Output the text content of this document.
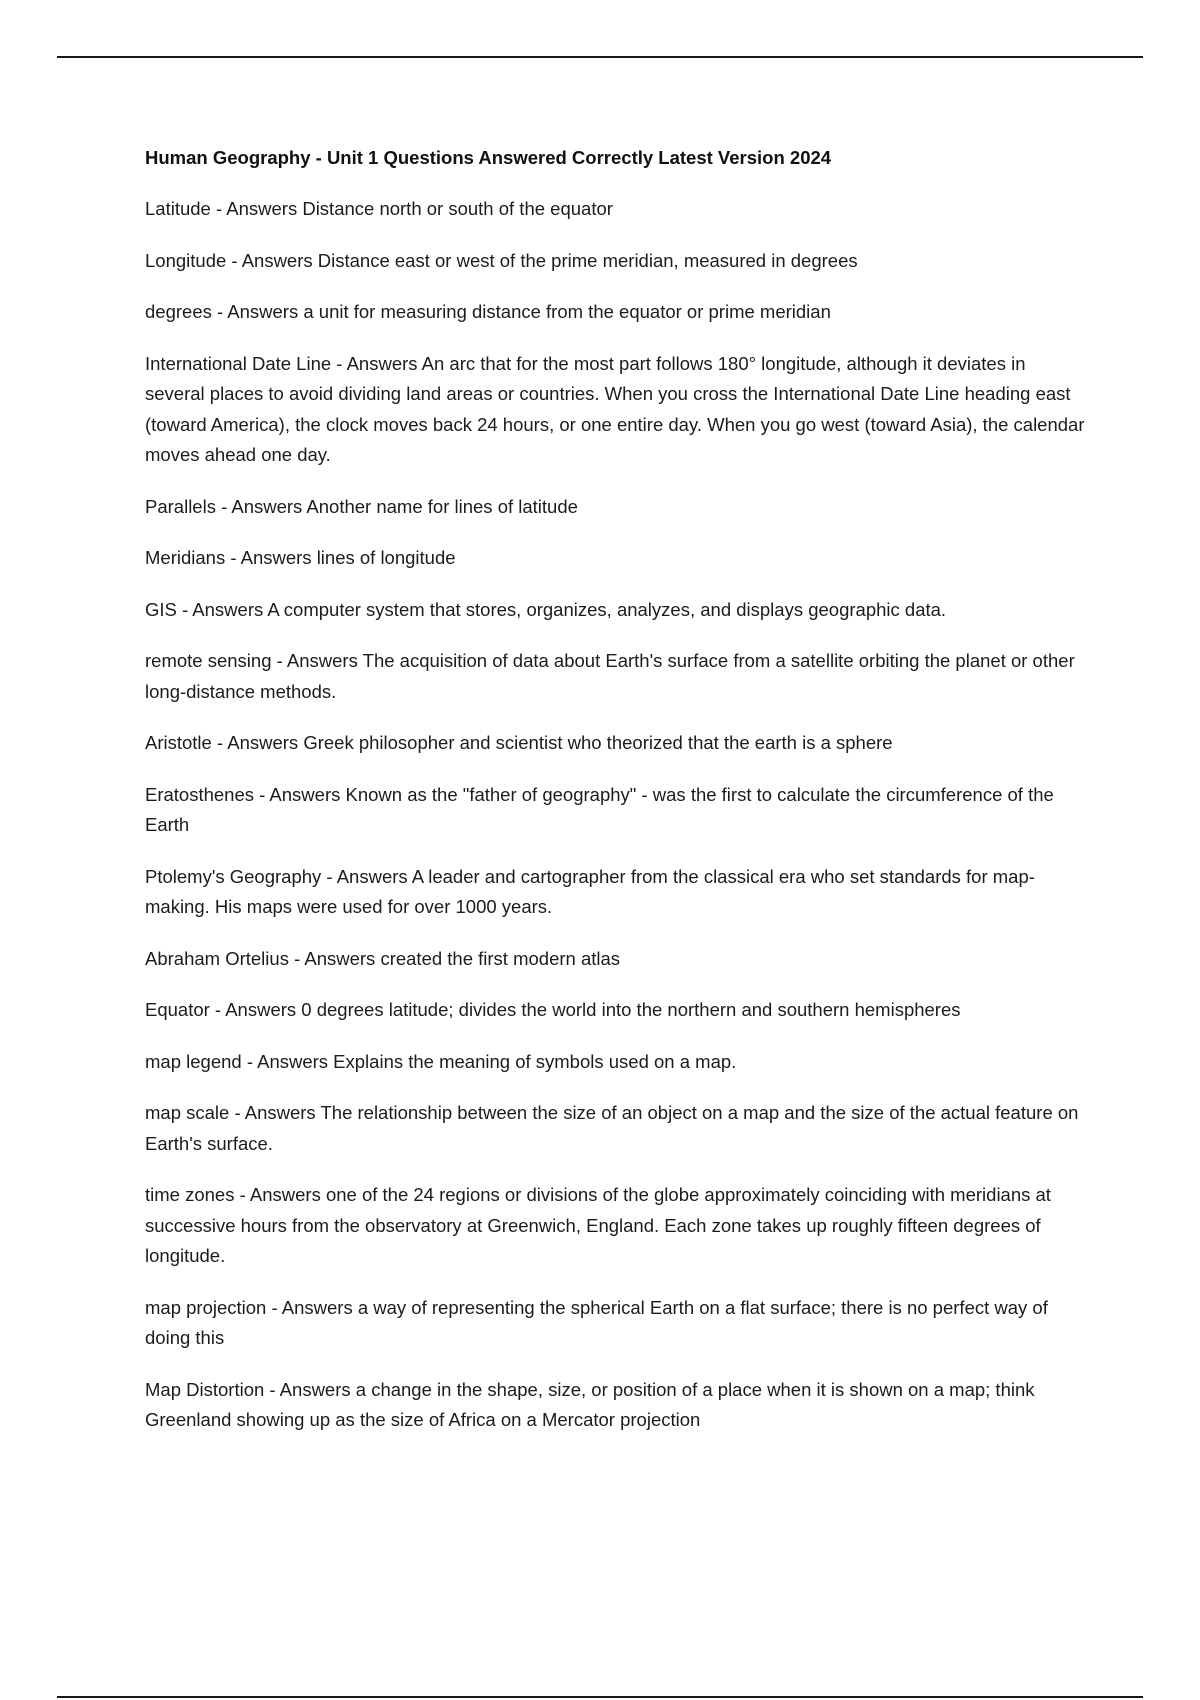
Human Geography - Unit 1 Questions Answered Correctly Latest Version 2024

Latitude - Answers Distance north or south of the equator

Longitude - Answers Distance east or west of the prime meridian, measured in degrees

degrees - Answers a unit for measuring distance from the equator or prime meridian

International Date Line - Answers An arc that for the most part follows 180° longitude, although it deviates in several places to avoid dividing land areas or countries. When you cross the International Date Line heading east (toward America), the clock moves back 24 hours, or one entire day. When you go west (toward Asia), the calendar moves ahead one day.

Parallels - Answers Another name for lines of latitude

Meridians - Answers lines of longitude

GIS - Answers A computer system that stores, organizes, analyzes, and displays geographic data.

remote sensing - Answers The acquisition of data about Earth's surface from a satellite orbiting the planet or other long-distance methods.

Aristotle - Answers Greek philosopher and scientist who theorized that the earth is a sphere

Eratosthenes - Answers Known as the "father of geography" - was the first to calculate the circumference of the Earth

Ptolemy's Geography - Answers A leader and cartographer from the classical era who set standards for map-making. His maps were used for over 1000 years.

Abraham Ortelius - Answers created the first modern atlas

Equator - Answers 0 degrees latitude; divides the world into the northern and southern hemispheres

map legend - Answers Explains the meaning of symbols used on a map.

map scale - Answers The relationship between the size of an object on a map and the size of the actual feature on Earth's surface.

time zones - Answers one of the 24 regions or divisions of the globe approximately coinciding with meridians at successive hours from the observatory at Greenwich, England. Each zone takes up roughly fifteen degrees of longitude.

map projection - Answers a way of representing the spherical Earth on a flat surface; there is no perfect way of doing this

Map Distortion - Answers a change in the shape, size, or position of a place when it is shown on a map; think Greenland showing up as the size of Africa on a Mercator projection
